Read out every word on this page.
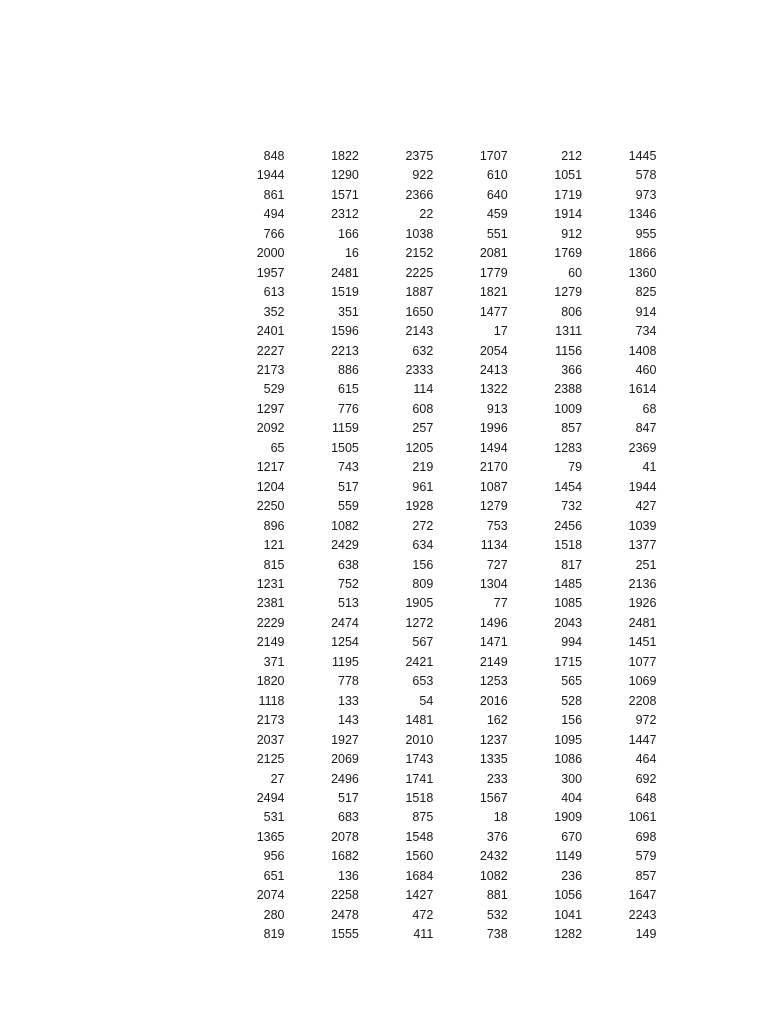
848	1822	2375	1707	212	1445
1944	1290	922	610	1051	578
861	1571	2366	640	1719	973
494	2312	22	459	1914	1346
766	166	1038	551	912	955
2000	16	2152	2081	1769	1866
1957	2481	2225	1779	60	1360
613	1519	1887	1821	1279	825
352	351	1650	1477	806	914
2401	1596	2143	17	1311	734
2227	2213	632	2054	1156	1408
2173	886	2333	2413	366	460
529	615	114	1322	2388	1614
1297	776	608	913	1009	68
2092	1159	257	1996	857	847
65	1505	1205	1494	1283	2369
1217	743	219	2170	79	41
1204	517	961	1087	1454	1944
2250	559	1928	1279	732	427
896	1082	272	753	2456	1039
121	2429	634	1134	1518	1377
815	638	156	727	817	251
1231	752	809	1304	1485	2136
2381	513	1905	77	1085	1926
2229	2474	1272	1496	2043	2481
2149	1254	567	1471	994	1451
371	1195	2421	2149	1715	1077
1820	778	653	1253	565	1069
1118	133	54	2016	528	2208
2173	143	1481	162	156	972
2037	1927	2010	1237	1095	1447
2125	2069	1743	1335	1086	464
27	2496	1741	233	300	692
2494	517	1518	1567	404	648
531	683	875	18	1909	1061
1365	2078	1548	376	670	698
956	1682	1560	2432	1149	579
651	136	1684	1082	236	857
2074	2258	1427	881	1056	1647
280	2478	472	532	1041	2243
819	1555	411	738	1282	149
